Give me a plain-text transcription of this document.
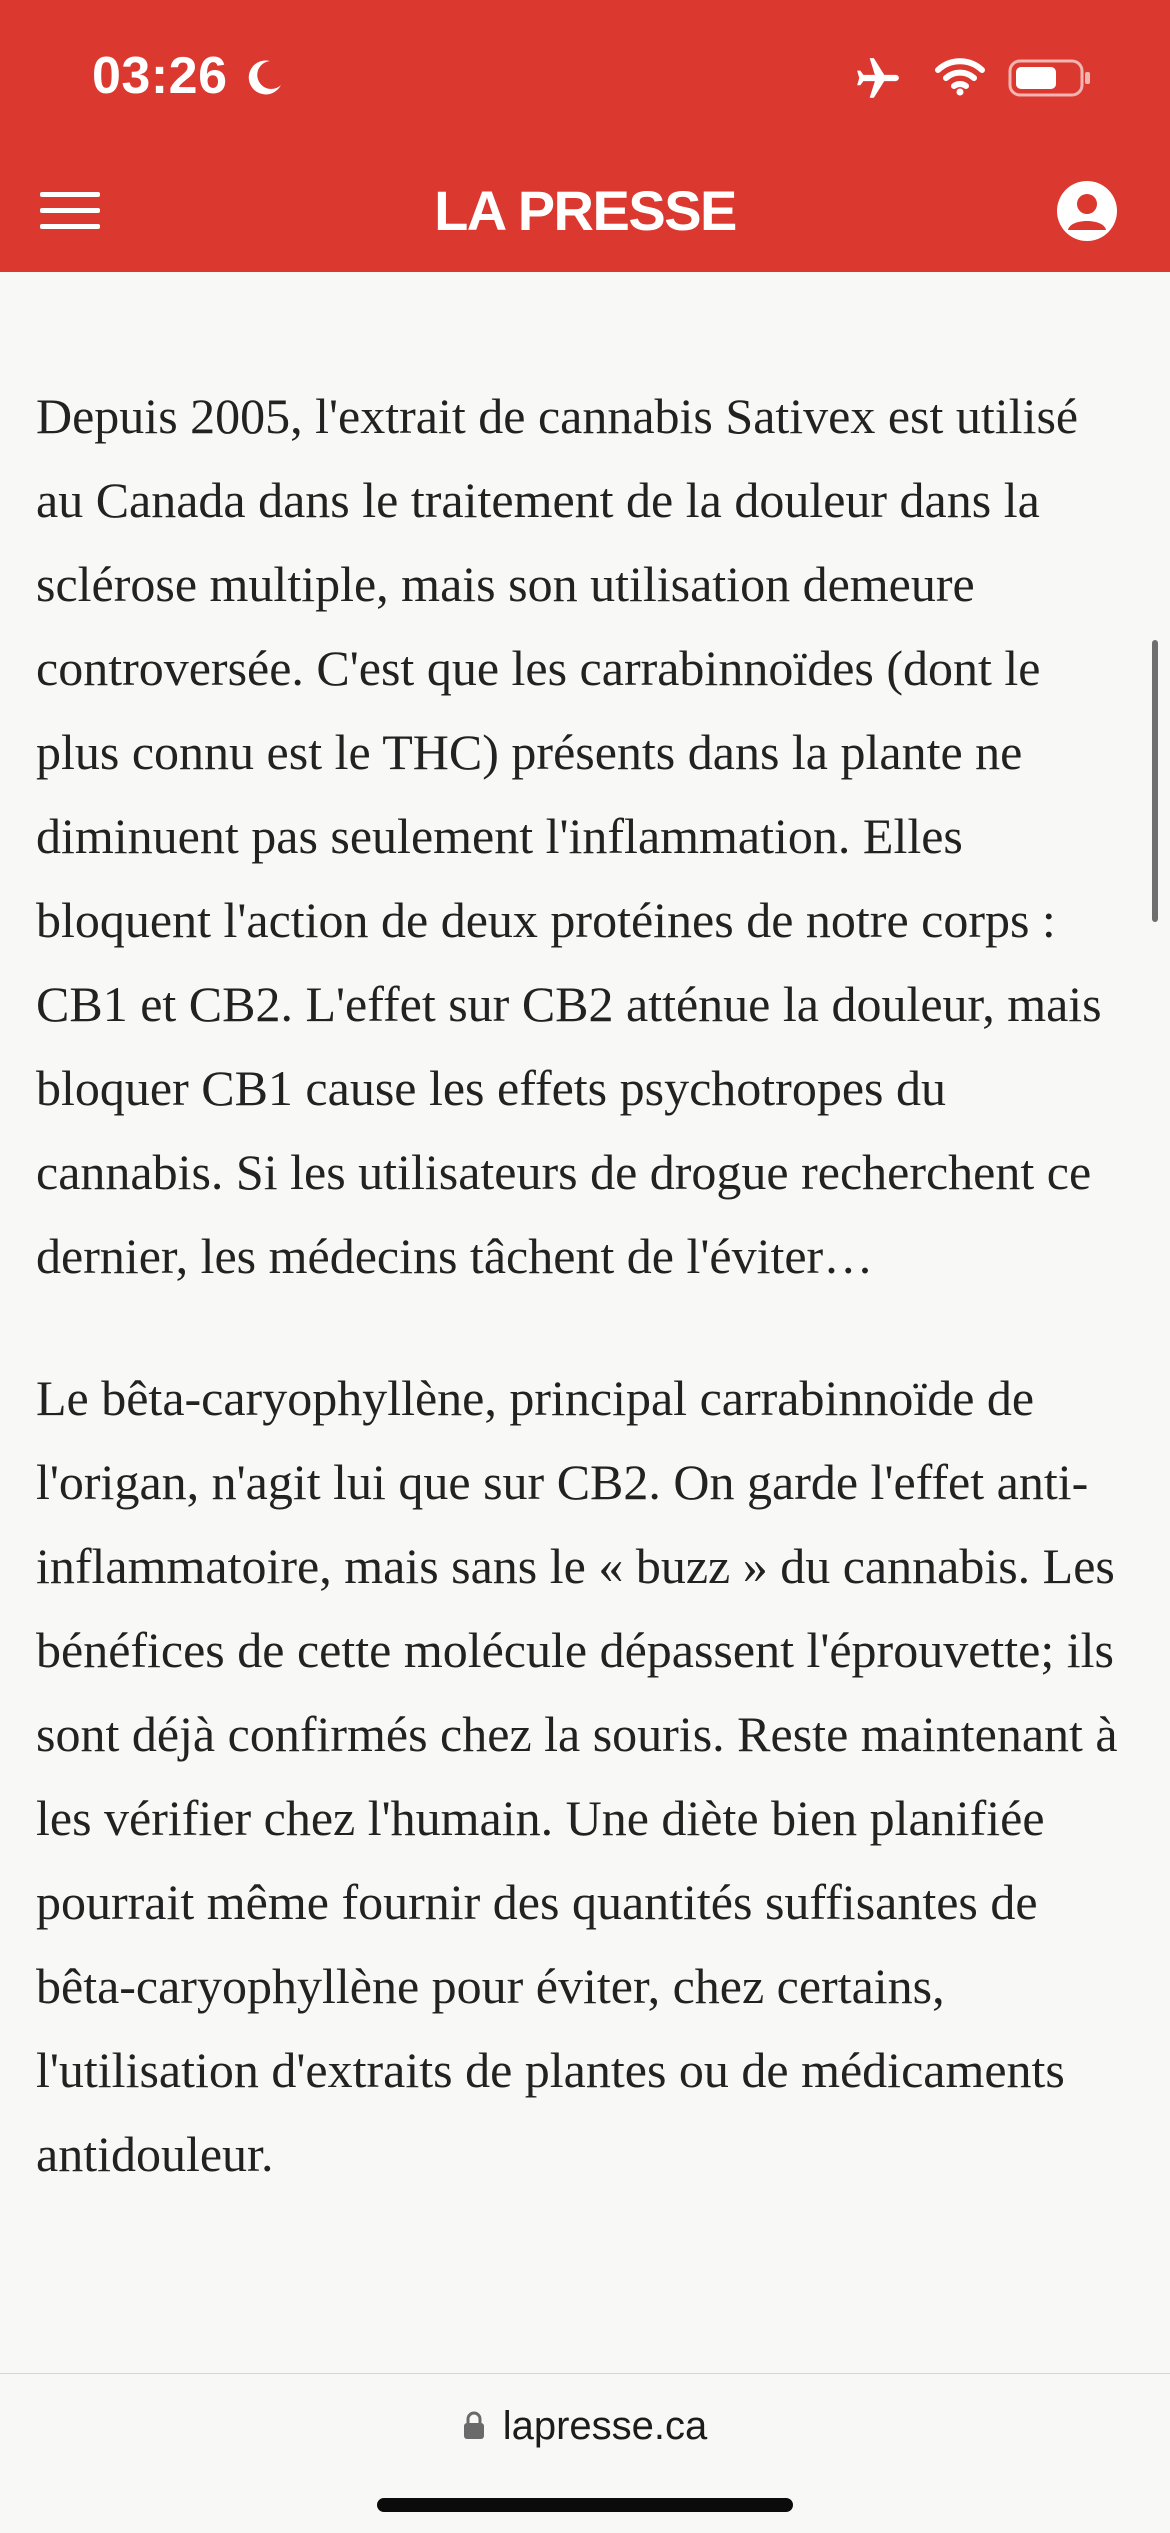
03:26
LA PRESSE

Depuis 2005, l'extrait de cannabis Sativex est utilisé au Canada dans le traitement de la douleur dans la sclérose multiple, mais son utilisation demeure controversée. C'est que les carrabinnoïdes (dont le plus connu est le THC) présents dans la plante ne diminuent pas seulement l'inflammation. Elles bloquent l'action de deux protéines de notre corps : CB1 et CB2. L'effet sur CB2 atténue la douleur, mais bloquer CB1 cause les effets psychotropes du cannabis. Si les utilisateurs de drogue recherchent ce dernier, les médecins tâchent de l'éviter…

Le bêta-caryophyllène, principal carrabinnoïde de l'origan, n'agit lui que sur CB2. On garde l'effet anti-inflammatoire, mais sans le « buzz » du cannabis. Les bénéfices de cette molécule dépassent l'éprouvette; ils sont déjà confirmés chez la souris. Reste maintenant à les vérifier chez l'humain. Une diète bien planifiée pourrait même fournir des quantités suffisantes de bêta-caryophyllène pour éviter, chez certains, l'utilisation d'extraits de plantes ou de médicaments antidouleur.

lapresse.ca
